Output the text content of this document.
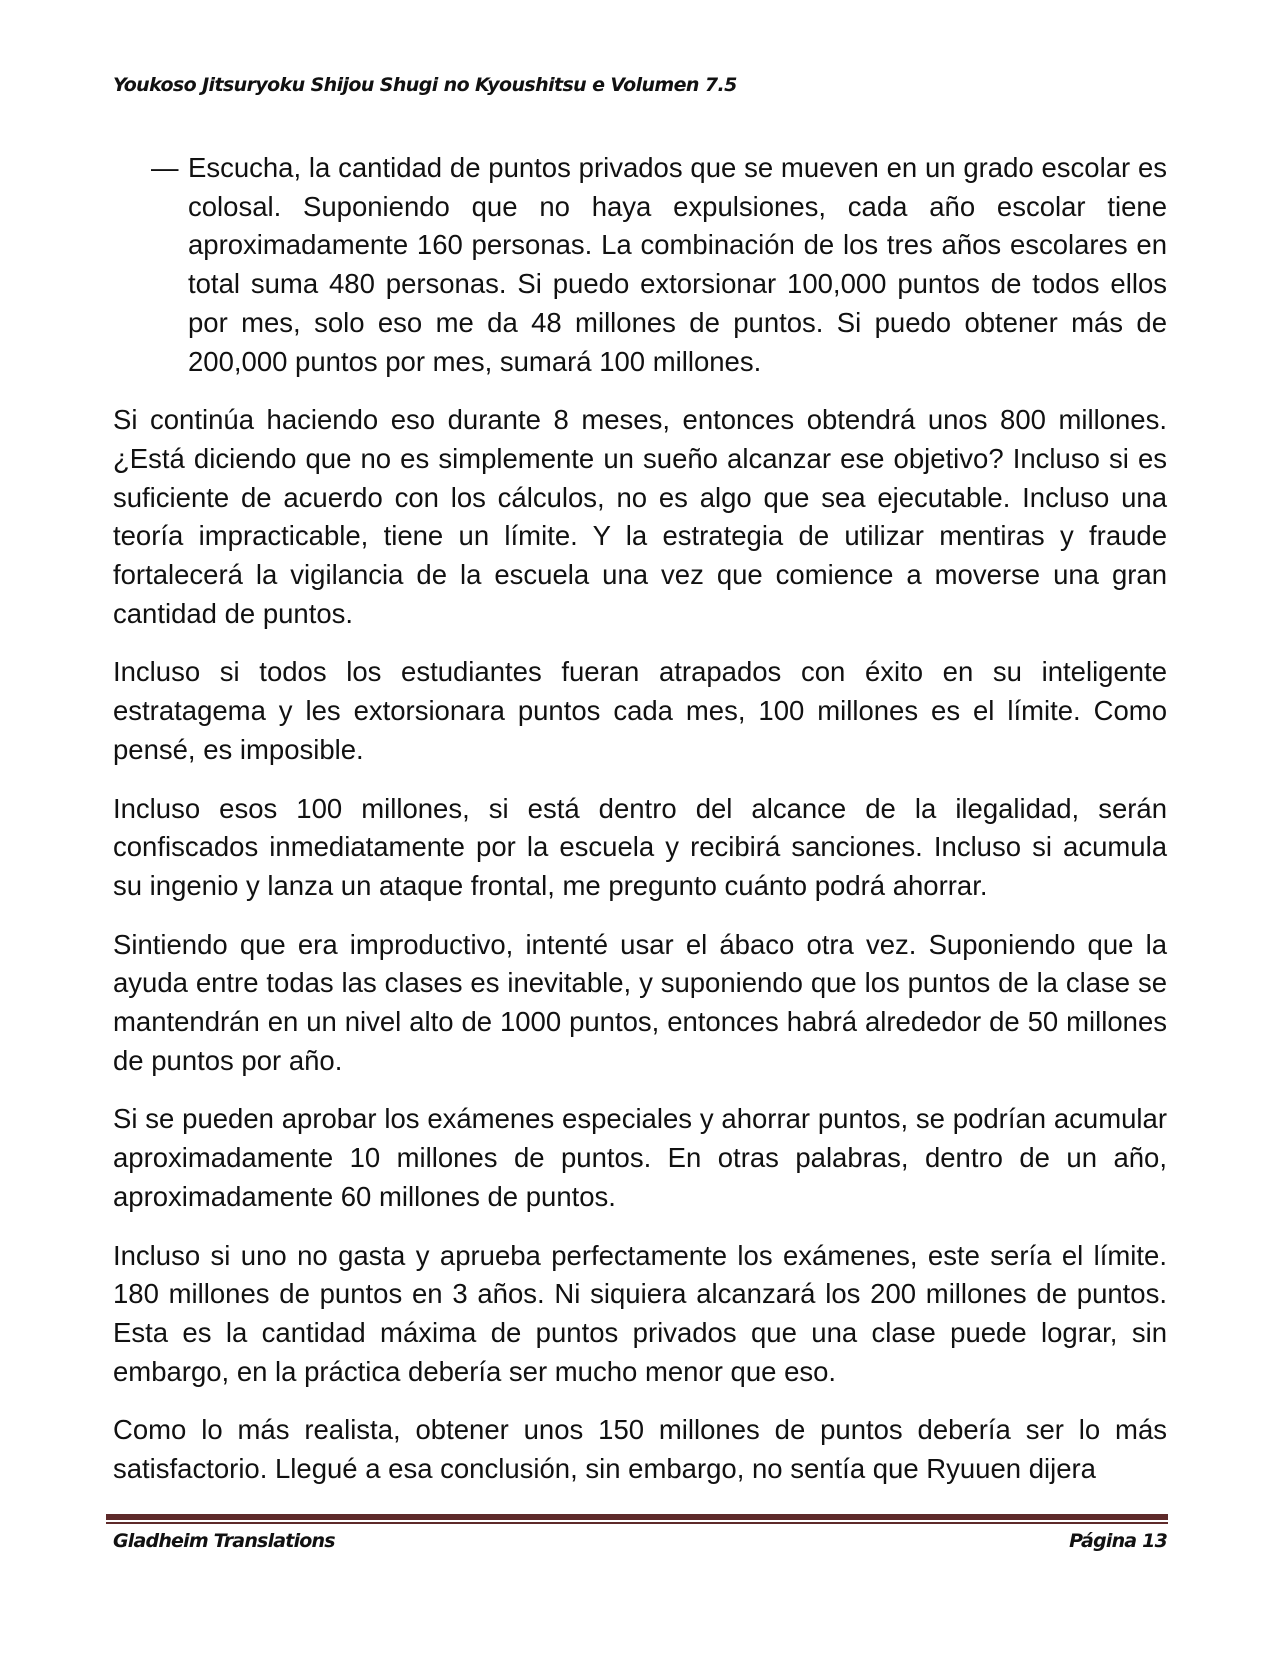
Youkoso Jitsuryoku Shijou Shugi no Kyoushitsu e Volumen 7.5

— Escucha, la cantidad de puntos privados que se mueven en un grado escolar es colosal. Suponiendo que no haya expulsiones, cada año escolar tiene aproximadamente 160 personas. La combinación de los tres años escolares en total suma 480 personas. Si puedo extorsionar 100,000 puntos de todos ellos por mes, solo eso me da 48 millones de puntos. Si puedo obtener más de 200,000 puntos por mes, sumará 100 millones.

Si continúa haciendo eso durante 8 meses, entonces obtendrá unos 800 millones. ¿Está diciendo que no es simplemente un sueño alcanzar ese objetivo? Incluso si es suficiente de acuerdo con los cálculos, no es algo que sea ejecutable. Incluso una teoría impracticable, tiene un límite. Y la estrategia de utilizar mentiras y fraude fortalecerá la vigilancia de la escuela una vez que comience a moverse una gran cantidad de puntos.

Incluso si todos los estudiantes fueran atrapados con éxito en su inteligente estratagema y les extorsionara puntos cada mes, 100 millones es el límite. Como pensé, es imposible.

Incluso esos 100 millones, si está dentro del alcance de la ilegalidad, serán confiscados inmediatamente por la escuela y recibirá sanciones. Incluso si acumula su ingenio y lanza un ataque frontal, me pregunto cuánto podrá ahorrar.

Sintiendo que era improductivo, intenté usar el ábaco otra vez. Suponiendo que la ayuda entre todas las clases es inevitable, y suponiendo que los puntos de la clase se mantendrán en un nivel alto de 1000 puntos, entonces habrá alrededor de 50 millones de puntos por año.

Si se pueden aprobar los exámenes especiales y ahorrar puntos, se podrían acumular aproximadamente 10 millones de puntos. En otras palabras, dentro de un año, aproximadamente 60 millones de puntos.

Incluso si uno no gasta y aprueba perfectamente los exámenes, este sería el límite. 180 millones de puntos en 3 años. Ni siquiera alcanzará los 200 millones de puntos. Esta es la cantidad máxima de puntos privados que una clase puede lograr, sin embargo, en la práctica debería ser mucho menor que eso.

Como lo más realista, obtener unos 150 millones de puntos debería ser lo más satisfactorio. Llegué a esa conclusión, sin embargo, no sentía que Ryuuen dijera

Gladheim Translations	Página 13
